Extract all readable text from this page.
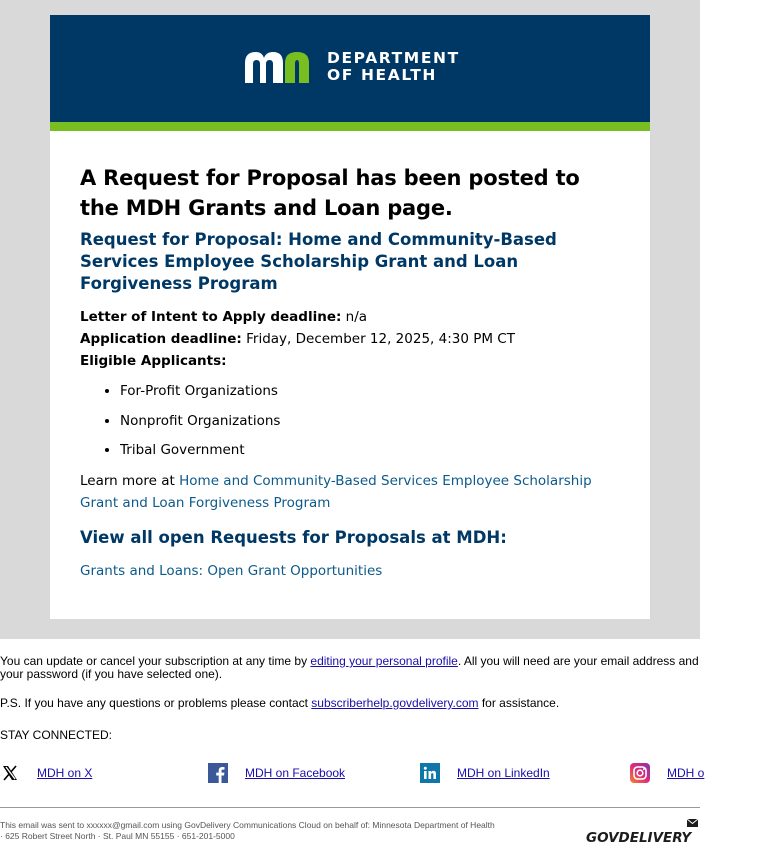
DEPARTMENT
OF HEALTH
A Request for Proposal has been posted to the MDH Grants and Loan page.
Request for Proposal: Home and Community-Based Services Employee Scholarship Grant and Loan Forgiveness Program
Letter of Intent to Apply deadline: n/a
Application deadline: Friday, December 12, 2025, 4:30 PM CT
Eligible Applicants:
• For-Profit Organizations
• Nonprofit Organizations
• Tribal Government
Learn more at Home and Community-Based Services Employee Scholarship Grant and Loan Forgiveness Program
View all open Requests for Proposals at MDH:
Grants and Loans: Open Grant Opportunities

You can update or cancel your subscription at any time by editing your personal profile. All you will need are your email address and your password (if you have selected one).

P.S. If you have any questions or problems please contact subscriberhelp.govdelivery.com for assistance.

STAY CONNECTED:

MDH on X	MDH on Facebook	MDH on LinkedIn	MDH o
This email was sent to xxxxxx@gmail.com using GovDelivery Communications Cloud on behalf of: Minnesota Department of Health
· 625 Robert Street North · St. Paul MN 55155 · 651-201-5000	GOVDELIVERY
